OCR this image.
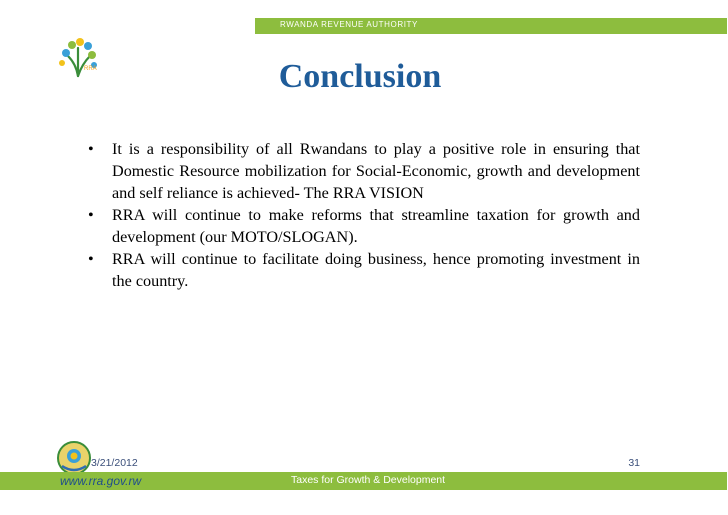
RWANDA REVENUE AUTHORITY
RRA	Conclusion
•	It is a responsibility of all Rwandans to play a positive role in ensuring that Domestic Resource mobilization for Social-Economic, growth and development and self reliance is achieved- The RRA VISION
•	RRA will continue to make reforms that streamline taxation for growth and development (our MOTO/SLOGAN).
•	RRA will continue to facilitate doing business, hence promoting investment in the country.
3/21/2012	31
www.rra.gov.rw	Taxes for Growth & Development
